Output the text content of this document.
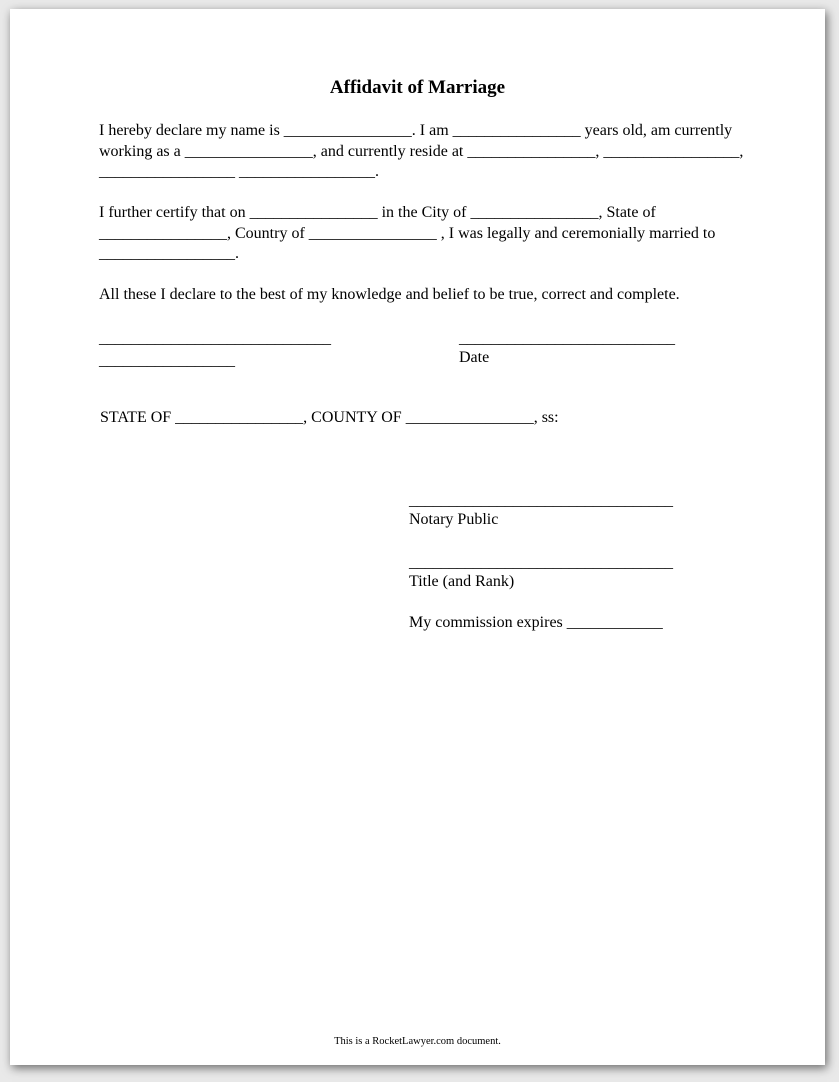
Affidavit of Marriage
I hereby declare my name is ________________. I am ________________ years old, am currently working as a ________________, and currently reside at ________________, _________________, _________________ _________________.
I further certify that on ________________ in the City of ________________, State of ________________, Country of ________________ , I was legally and ceremonially married to _________________.
All these I declare to the best of my knowledge and belief to be true, correct and complete.
_____________________________
_________________
___________________________
Date
STATE OF ________________, COUNTY OF ________________, ss:
_________________________________
Notary Public
_________________________________
Title (and Rank)
My commission expires ____________
This is a RocketLawyer.com document.
